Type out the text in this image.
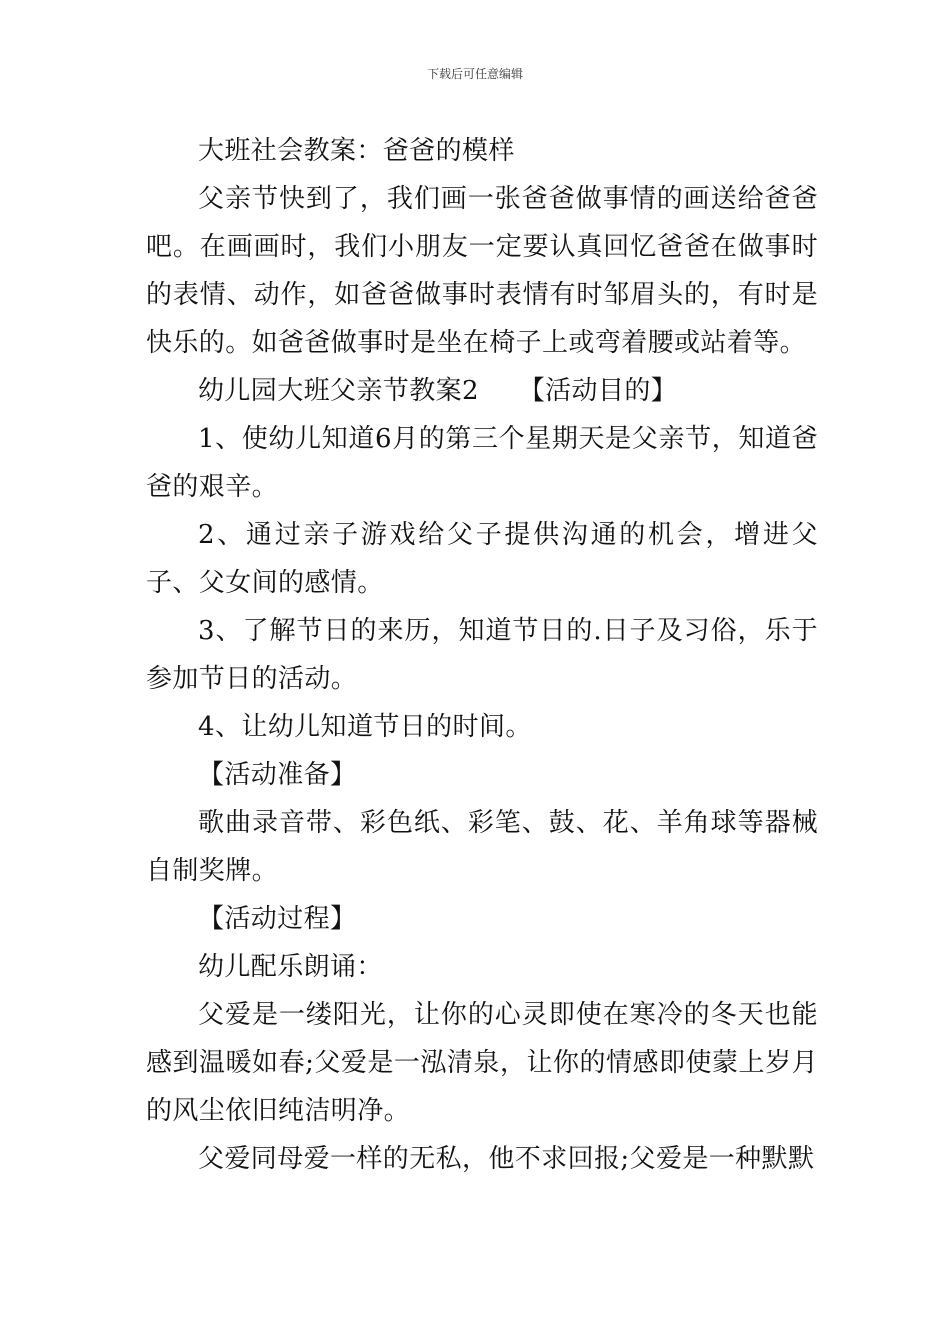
下载后可任意编辑

大班社会教案：爸爸的模样

父亲节快到了，我们画一张爸爸做事情的画送给爸爸吧。在画画时，我们小朋友一定要认真回忆爸爸在做事时的表情、动作，如爸爸做事时表情有时邹眉头的，有时是快乐的。如爸爸做事时是坐在椅子上或弯着腰或站着等。

幼儿园大班父亲节教案2　　【活动目的】

1、使幼儿知道6月的第三个星期天是父亲节，知道爸爸的艰辛。

2、通过亲子游戏给父子提供沟通的机会，增进父子、父女间的感情。

3、了解节日的来历，知道节日的.日子及习俗，乐于参加节日的活动。

4、让幼儿知道节日的时间。

【活动准备】

歌曲录音带、彩色纸、彩笔、鼓、花、羊角球等器械自制奖牌。

【活动过程】

幼儿配乐朗诵：

父爱是一缕阳光，让你的心灵即使在寒冷的冬天也能感到温暖如春;父爱是一泓清泉，让你的情感即使蒙上岁月的风尘依旧纯洁明净。

父爱同母爱一样的无私，他不求回报;父爱是一种默默
